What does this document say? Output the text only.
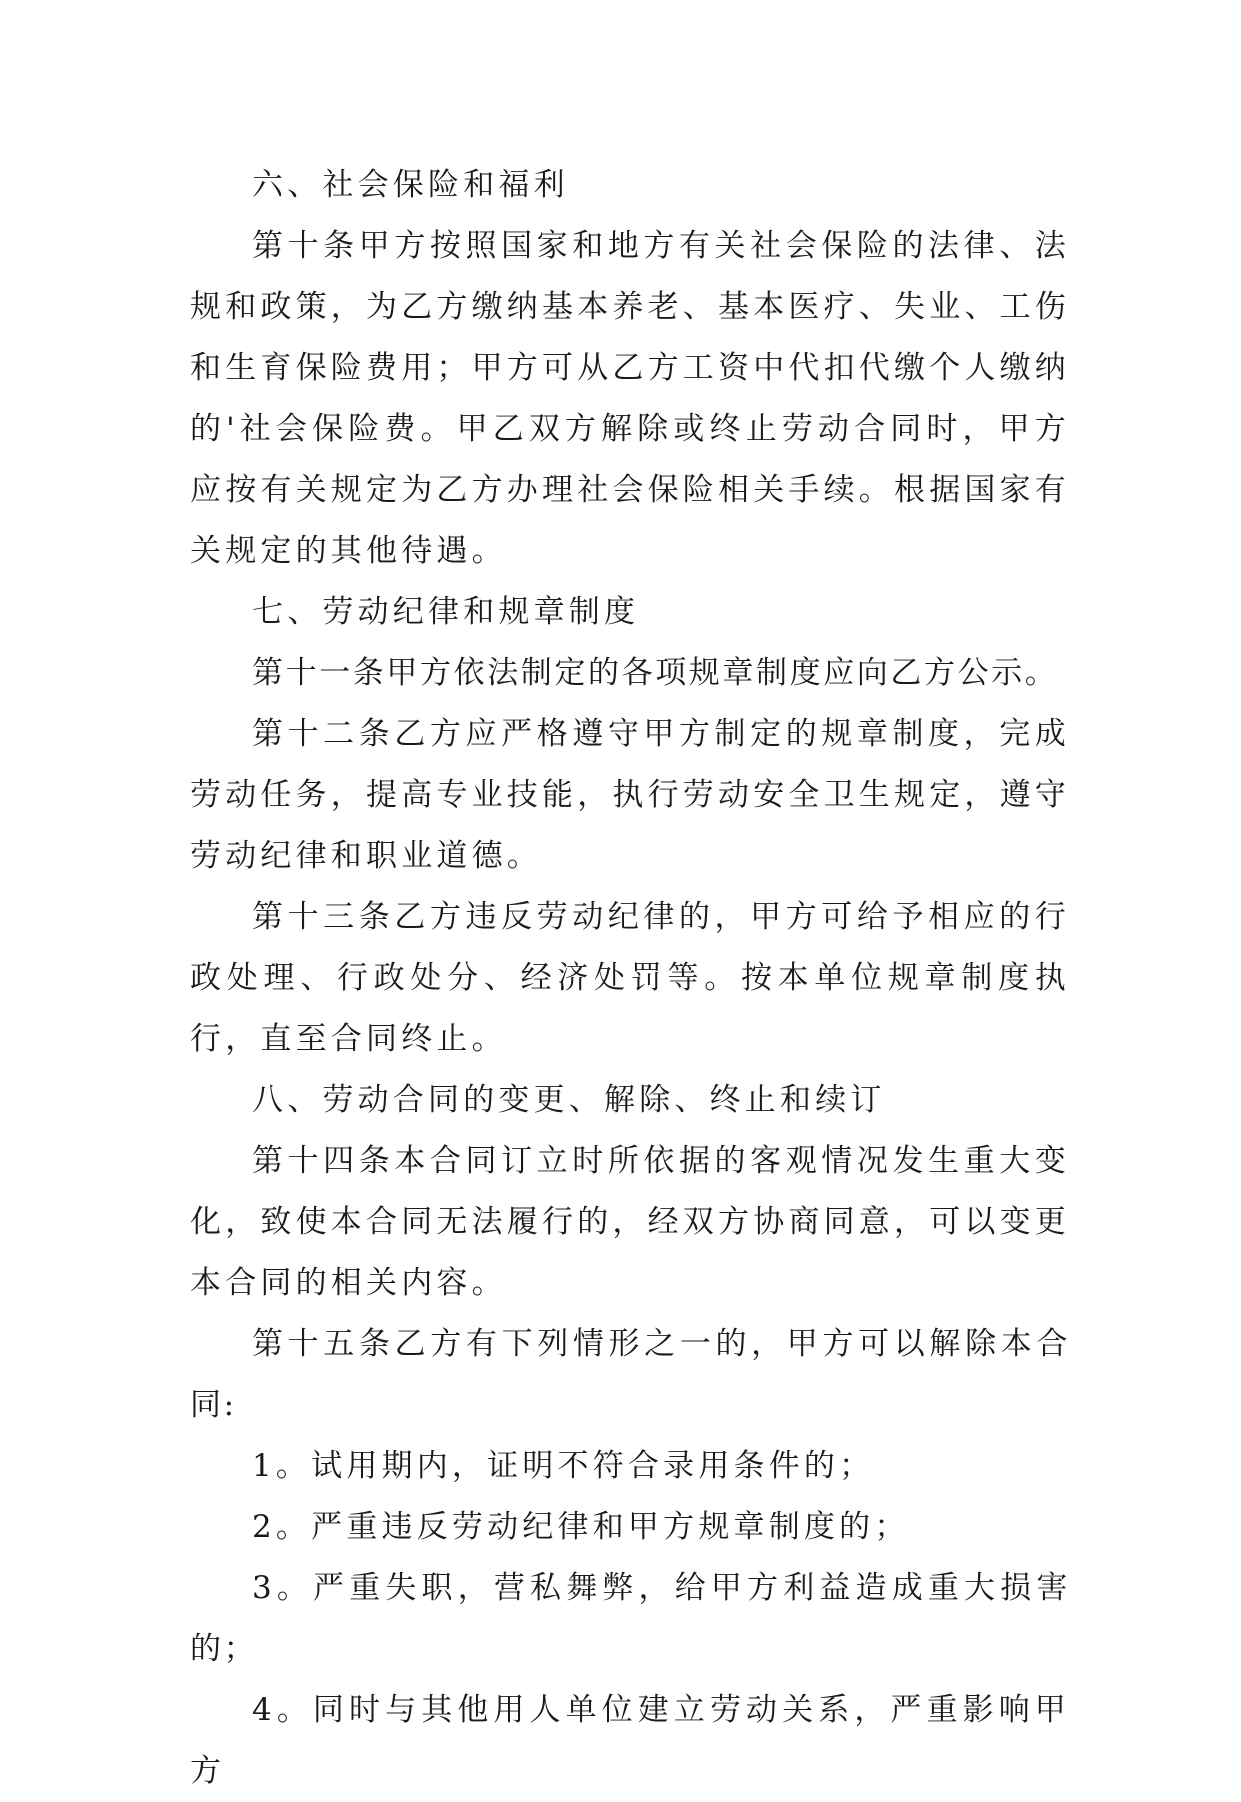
六、社会保险和福利

第十条甲方按照国家和地方有关社会保险的法律、法规和政策，为乙方缴纳基本养老、基本医疗、失业、工伤和生育保险费用；甲方可从乙方工资中代扣代缴个人缴纳的'社会保险费。甲乙双方解除或终止劳动合同时，甲方应按有关规定为乙方办理社会保险相关手续。根据国家有关规定的其他待遇。

七、劳动纪律和规章制度

第十一条甲方依法制定的各项规章制度应向乙方公示。

第十二条乙方应严格遵守甲方制定的规章制度，完成劳动任务，提高专业技能，执行劳动安全卫生规定，遵守劳动纪律和职业道德。

第十三条乙方违反劳动纪律的，甲方可给予相应的行政处理、行政处分、经济处罚等。按本单位规章制度执行，直至合同终止。

八、劳动合同的变更、解除、终止和续订

第十四条本合同订立时所依据的客观情况发生重大变化，致使本合同无法履行的，经双方协商同意，可以变更本合同的相关内容。

第十五条乙方有下列情形之一的，甲方可以解除本合同:

1。试用期内，证明不符合录用条件的；

2。严重违反劳动纪律和甲方规章制度的；

3。严重失职，营私舞弊，给甲方利益造成重大损害的；

4。同时与其他用人单位建立劳动关系，严重影响甲方
